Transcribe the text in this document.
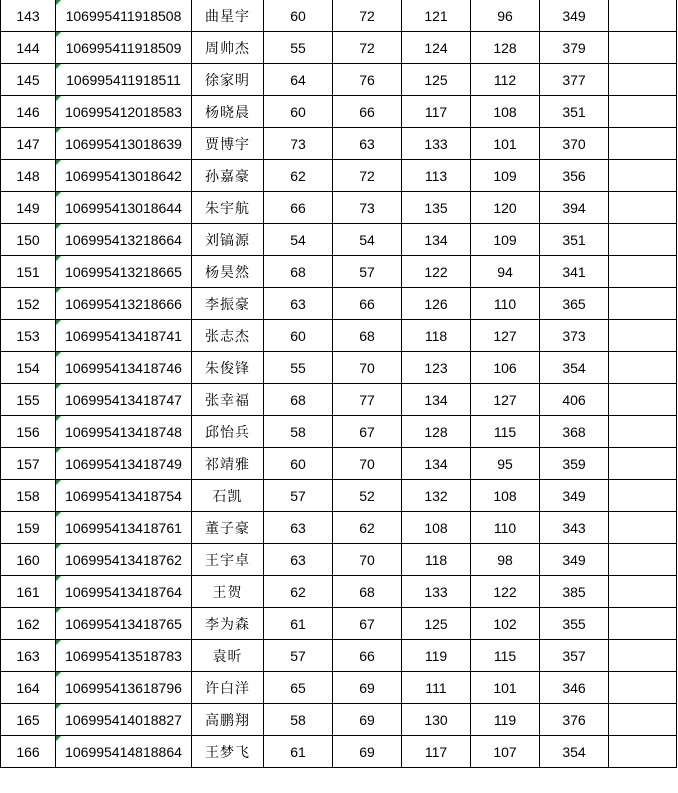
143	106995411918508	曲星宇	60	72	121	96	349	
144	106995411918509	周帅杰	55	72	124	128	379	
145	106995411918511	徐家明	64	76	125	112	377	
146	106995412018583	杨晓晨	60	66	117	108	351	
147	106995413018639	贾博宇	73	63	133	101	370	
148	106995413018642	孙嘉豪	62	72	113	109	356	
149	106995413018644	朱宇航	66	73	135	120	394	
150	106995413218664	刘镐源	54	54	134	109	351	
151	106995413218665	杨昊然	68	57	122	94	341	
152	106995413218666	李振豪	63	66	126	110	365	
153	106995413418741	张志杰	60	68	118	127	373	
154	106995413418746	朱俊锋	55	70	123	106	354	
155	106995413418747	张幸福	68	77	134	127	406	
156	106995413418748	邱怡兵	58	67	128	115	368	
157	106995413418749	祁靖雅	60	70	134	95	359	
158	106995413418754	石凯	57	52	132	108	349	
159	106995413418761	董子豪	63	62	108	110	343	
160	106995413418762	王宇卓	63	70	118	98	349	
161	106995413418764	王贺	62	68	133	122	385	
162	106995413418765	李为森	61	67	125	102	355	
163	106995413518783	袁昕	57	66	119	115	357	
164	106995413618796	许白洋	65	69	111	101	346	
165	106995414018827	高鹏翔	58	69	130	119	376	
166	106995414818864	王梦飞	61	69	117	107	354	
